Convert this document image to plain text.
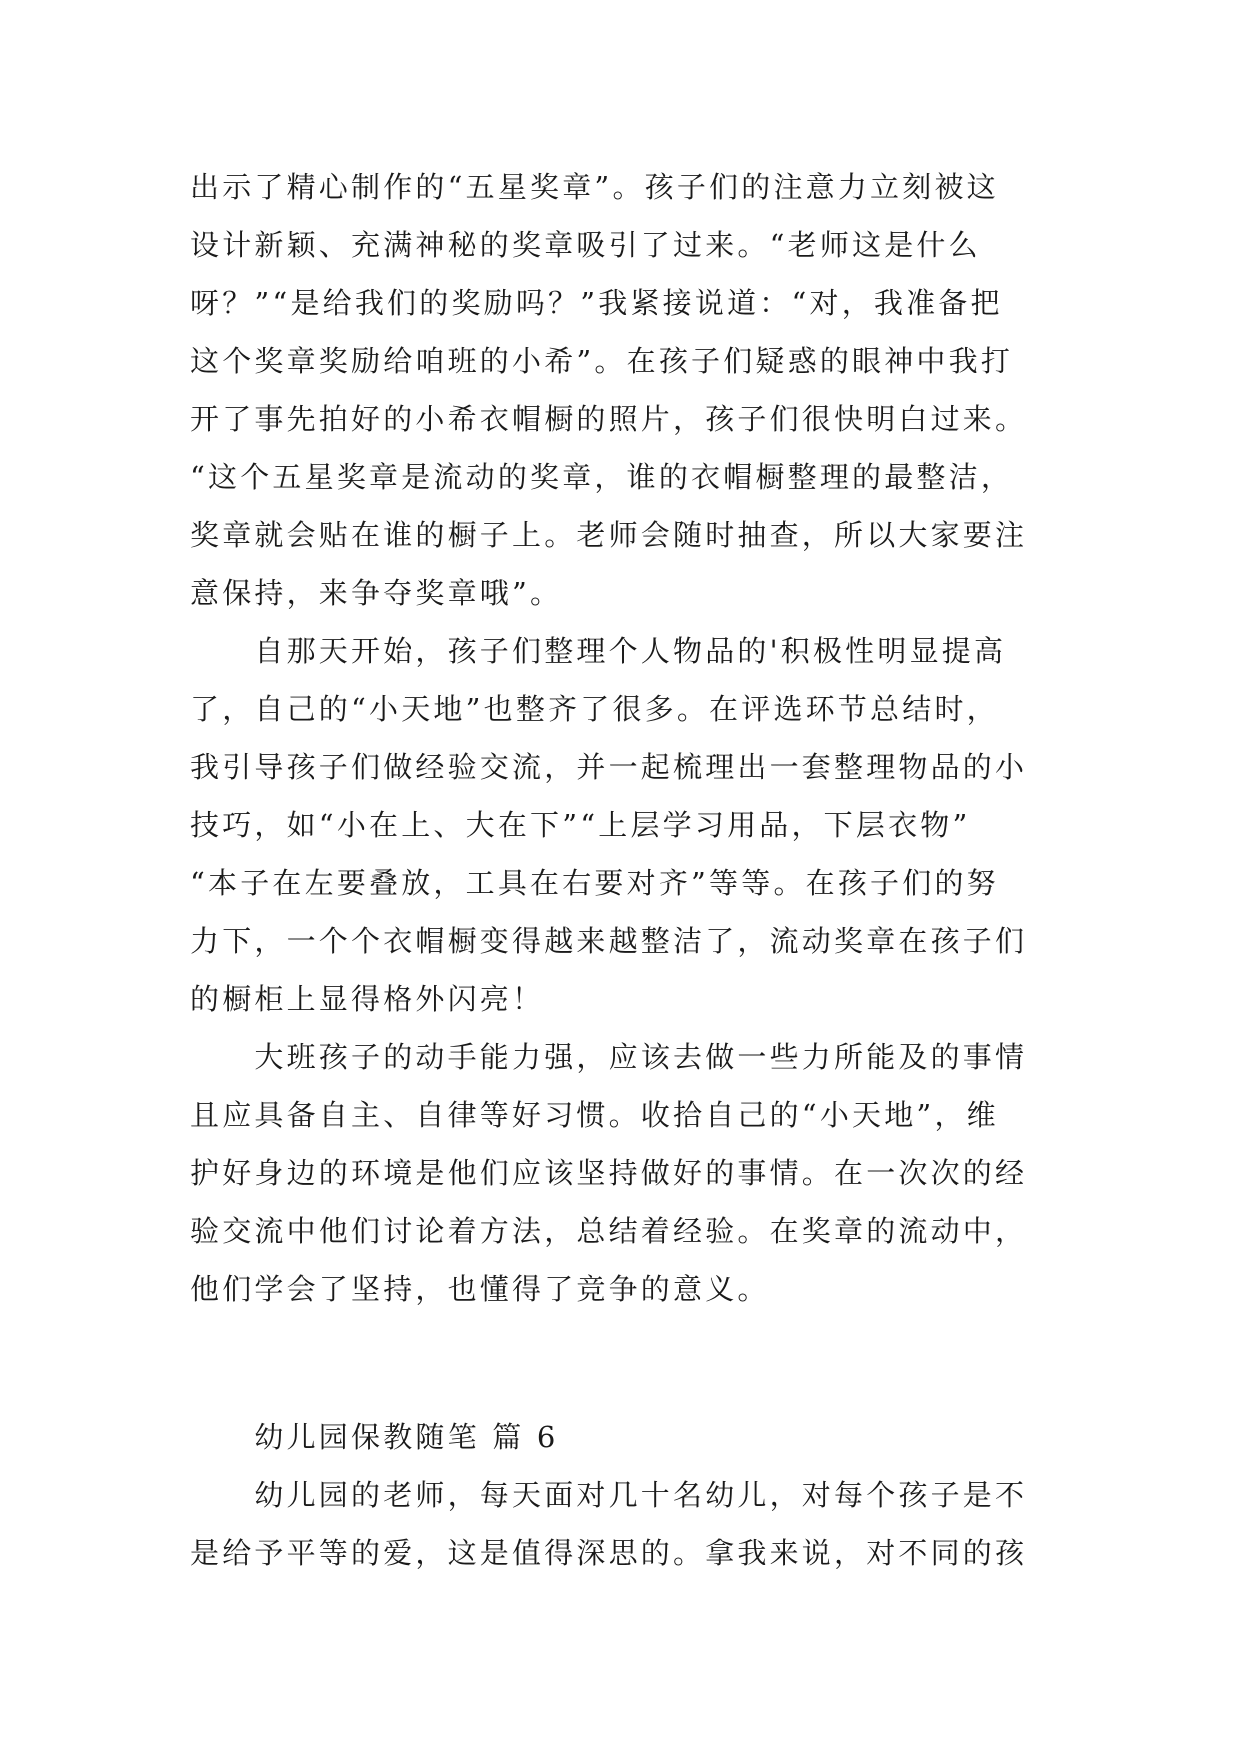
出示了精心制作的“五星奖章”。孩子们的注意力立刻被这

设计新颖、充满神秘的奖章吸引了过来。“老师这是什么

呀？”“是给我们的奖励吗？”我紧接说道：“对，我准备把

这个奖章奖励给咱班的小希”。在孩子们疑惑的眼神中我打

开了事先拍好的小希衣帽橱的照片，孩子们很快明白过来。

“这个五星奖章是流动的奖章，谁的衣帽橱整理的最整洁，

奖章就会贴在谁的橱子上。老师会随时抽查，所以大家要注

意保持，来争夺奖章哦”。

　　自那天开始，孩子们整理个人物品的'积极性明显提高

了，自己的“小天地”也整齐了很多。在评选环节总结时，

我引导孩子们做经验交流，并一起梳理出一套整理物品的小

技巧，如“小在上、大在下”“上层学习用品，下层衣物”

“本子在左要叠放，工具在右要对齐”等等。在孩子们的努

力下，一个个衣帽橱变得越来越整洁了，流动奖章在孩子们

的橱柜上显得格外闪亮！

　　大班孩子的动手能力强，应该去做一些力所能及的事情

且应具备自主、自律等好习惯。收拾自己的“小天地”，维

护好身边的环境是他们应该坚持做好的事情。在一次次的经

验交流中他们讨论着方法，总结着经验。在奖章的流动中，

他们学会了坚持，也懂得了竞争的意义。

　　幼儿园保教随笔 篇 6

　　幼儿园的老师，每天面对几十名幼儿，对每个孩子是不

是给予平等的爱，这是值得深思的。拿我来说，对不同的孩
